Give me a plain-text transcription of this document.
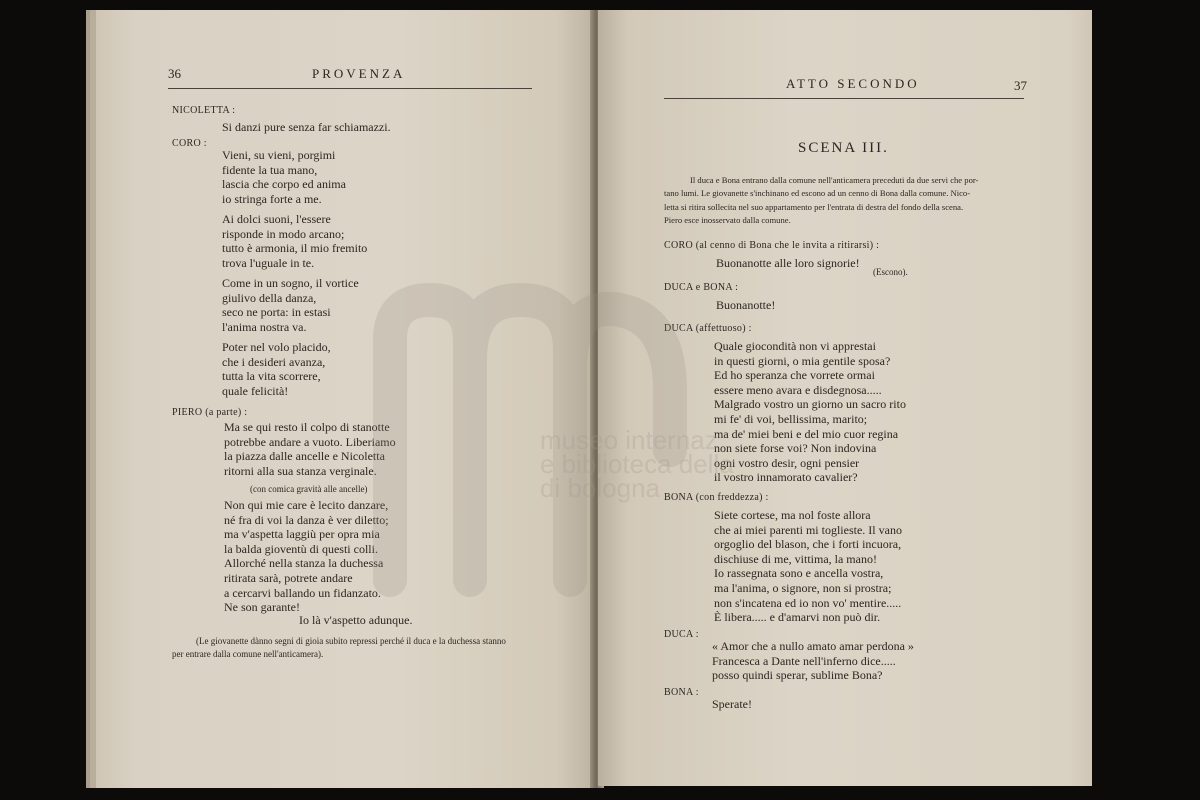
36	PROVENZA
NICOLETTA :
Si danzi pure senza far schiamazzi.
CORO :
Vieni, su vieni, porgimi
fidente la tua mano,
lascia che corpo ed anima
io stringa forte a me.
Ai dolci suoni, l'essere
risponde in modo arcano;
tutto è armonia, il mio fremito
trova l'uguale in te.
Come in un sogno, il vortice
giulivo della danza,
seco ne porta: in estasi
l'anima nostra va.
Poter nel volo placido,
che i desideri avanza,
tutta la vita scorrere,
quale felicità!
PIERO (a parte) :
Ma se qui resto il colpo di stanotte
potrebbe andare a vuoto. Liberiamo
la piazza dalle ancelle e Nicoletta
ritorni alla sua stanza verginale.
(con comica gravità alle ancelle)
Non qui mie care è lecito danzare,
né fra di voi la danza è ver diletto;
ma v'aspetta laggiù per opra mia
la balda gioventù di questi colli.
Allorché nella stanza la duchessa
ritirata sarà, potrete andare
a cercarvi ballando un fidanzato.
Ne son garante!
Io là v'aspetto adunque.
(Le giovanette dànno segni di gioia subito repressi perché il duca e la duchessa stanno
per entrare dalla comune nell'anticamera).
ATTO SECONDO	37
SCENA III.
Il duca e Bona entrano dalla comune nell'anticamera preceduti da due servi che por-
tano lumi. Le giovanette s'inchinano ed escono ad un cenno di Bona dalla comune. Nico-
letta si ritira sollecita nel suo appartamento per l'entrata di destra del fondo della scena.
Piero esce inosservato dalla comune.
CORO (al cenno di Bona che le invita a ritirarsi) :
Buonanotte alle loro signorie!
(Escono).
DUCA e BONA :
Buonanotte!
DUCA (affettuoso) :
Quale giocondità non vi apprestai
in questi giorni, o mia gentile sposa?
Ed ho speranza che vorrete ormai
essere meno avara e disdegnosa.....
Malgrado vostro un giorno un sacro rito
mi fe' di voi, bellissima, marito;
ma de' miei beni e del mio cuor regina
non siete forse voi? Non indovina
ogni vostro desir, ogni pensier
il vostro innamorato cavalier?
BONA (con freddezza) :
Siete cortese, ma nol foste allora
che ai miei parenti mi toglieste. Il vano
orgoglio del blason, che i forti incuora,
dischiuse di me, vittima, la mano!
Io rassegnata sono e ancella vostra,
ma l'anima, o signore, non si prostra;
non s'incatena ed io non vo' mentire.....
È libera..... e d'amarvi non può dir.
DUCA :
« Amor che a nullo amato amar perdona »
Francesca a Dante nell'inferno dice.....
posso quindi sperar, sublime Bona?
BONA :
Sperate!
museo internaz
e biblioteca della
di bologna
